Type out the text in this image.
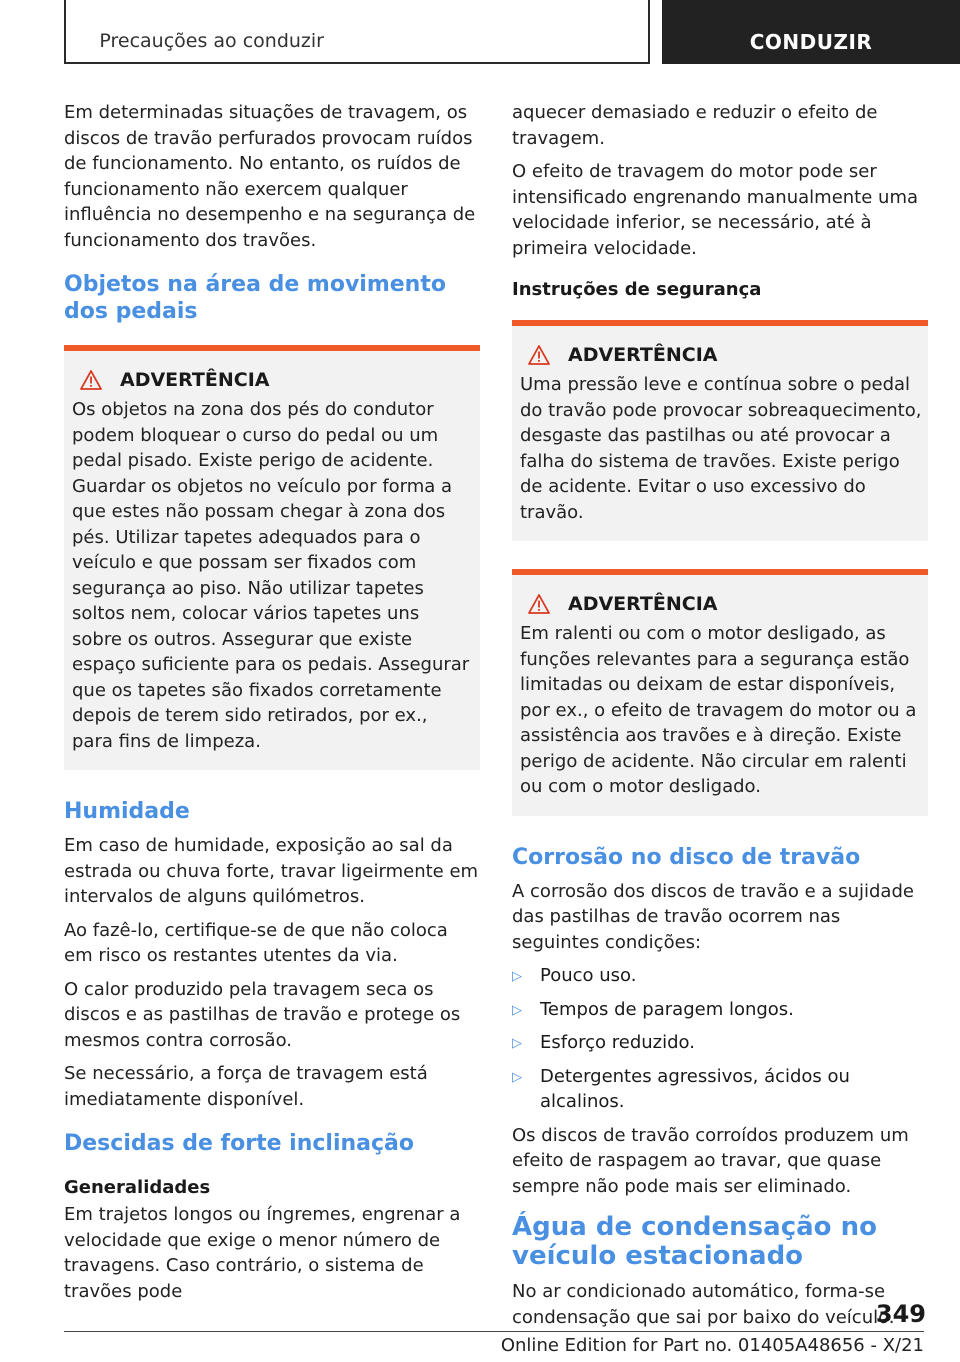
Precauções ao conduzir	CONDUZIR

Em determinadas situações de travagem, os discos de travão perfurados provocam ruídos de funcionamento. No entanto, os ruídos de funcionamento não exercem qualquer influência no desempenho e na segurança de funcionamento dos travões.

Objetos na área de movimento dos pedais
ADVERTÊNCIA

Os objetos na zona dos pés do condutor podem bloquear o curso do pedal ou um pedal pisado. Existe perigo de acidente. Guardar os objetos no veículo por forma a que estes não possam chegar à zona dos pés. Utilizar tapetes adequados para o veículo e que possam ser fixados com segurança ao piso. Não utilizar tapetes soltos nem, colocar vários tapetes uns sobre os outros. Assegurar que existe espaço suficiente para os pedais. Assegurar que os tapetes são fixados corretamente depois de terem sido retirados, por ex., para fins de limpeza.

Humidade

Em caso de humidade, exposição ao sal da estrada ou chuva forte, travar ligeirmente em intervalos de alguns quilómetros.

Ao fazê-lo, certifique-se de que não coloca em risco os restantes utentes da via.

O calor produzido pela travagem seca os discos e as pastilhas de travão e protege os mesmos contra corrosão.

Se necessário, a força de travagem está imediatamente disponível.

Descidas de forte inclinação
Generalidades

Em trajetos longos ou íngremes, engrenar a velocidade que exige o menor número de travagens. Caso contrário, o sistema de travões pode

aquecer demasiado e reduzir o efeito de travagem.

O efeito de travagem do motor pode ser intensificado engrenando manualmente uma velocidade inferior, se necessário, até à primeira velocidade.

Instruções de segurança
ADVERTÊNCIA

Uma pressão leve e contínua sobre o pedal do travão pode provocar sobreaquecimento, desgaste das pastilhas ou até provocar a falha do sistema de travões. Existe perigo de acidente. Evitar o uso excessivo do travão.

ADVERTÊNCIA

Em ralenti ou com o motor desligado, as funções relevantes para a segurança estão limitadas ou deixam de estar disponíveis, por ex., o efeito de travagem do motor ou a assistência aos travões e à direção. Existe perigo de acidente. Não circular em ralenti ou com o motor desligado.

Corrosão no disco de travão

A corrosão dos discos de travão e a sujidade das pastilhas de travão ocorrem nas seguintes condições:

▷	Pouco uso.
▷	Tempos de paragem longos.
▷	Esforço reduzido.
▷	Detergentes agressivos, ácidos ou alcalinos.

Os discos de travão corroídos produzem um efeito de raspagem ao travar, que quase sempre não pode mais ser eliminado.

Água de condensação no veículo estacionado

No ar condicionado automático, forma-se condensação que sai por baixo do veículo.

349
Online Edition for Part no. 01405A48656 - X/21
